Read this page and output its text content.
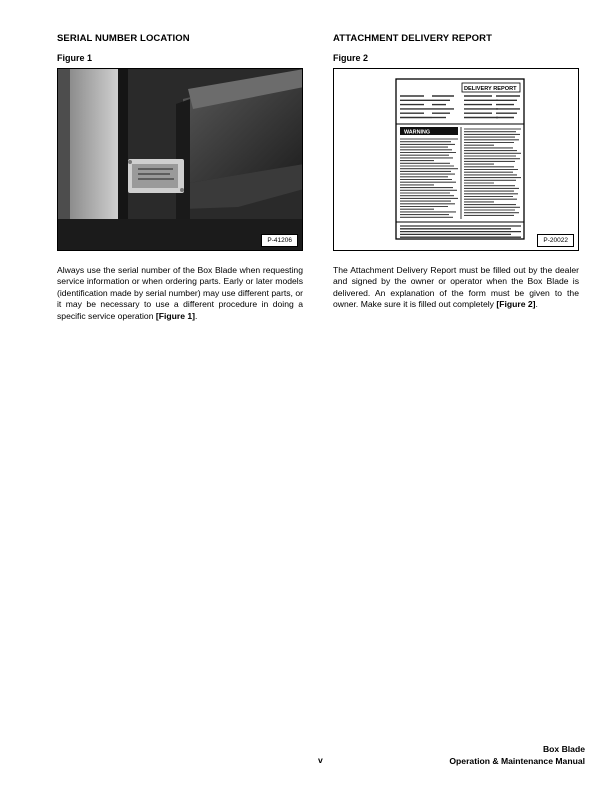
SERIAL NUMBER LOCATION

Figure 1

P-41206

Always use the serial number of the Box Blade when requesting service information or when ordering parts. Early or later models (identification made by serial number) may use different parts, or it may be necessary to use a different procedure in doing a specific service operation [Figure 1].

ATTACHMENT DELIVERY REPORT

Figure 2

DELIVERY REPORT
WARNING
P-20022

The Attachment Delivery Report must be filled out by the dealer and signed by the owner or operator when the Box Blade is delivered. An explanation of the form must be given to the owner. Make sure it is filled out completely [Figure 2].

v
Box Blade
Operation & Maintenance Manual
